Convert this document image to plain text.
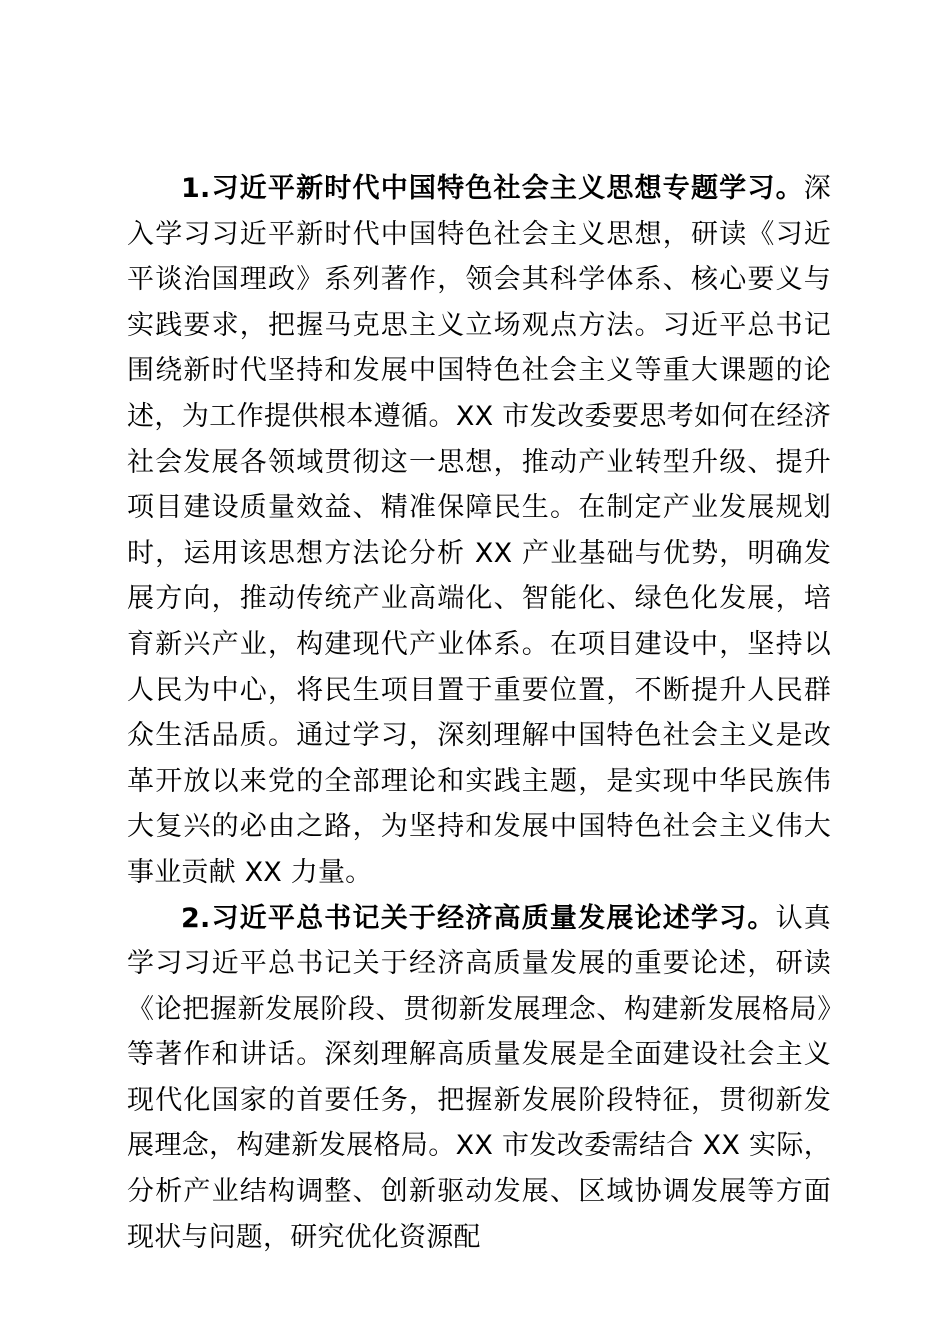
1.习近平新时代中国特色社会主义思想专题学习。深入学习习近平新时代中国特色社会主义思想，研读《习近平谈治国理政》系列著作，领会其科学体系、核心要义与实践要求，把握马克思主义立场观点方法。习近平总书记围绕新时代坚持和发展中国特色社会主义等重大课题的论述，为工作提供根本遵循。XX 市发改委要思考如何在经济社会发展各领域贯彻这一思想，推动产业转型升级、提升项目建设质量效益、精准保障民生。在制定产业发展规划时，运用该思想方法论分析 XX 产业基础与优势，明确发展方向，推动传统产业高端化、智能化、绿色化发展，培育新兴产业，构建现代产业体系。在项目建设中，坚持以人民为中心，将民生项目置于重要位置，不断提升人民群众生活品质。通过学习，深刻理解中国特色社会主义是改革开放以来党的全部理论和实践主题，是实现中华民族伟大复兴的必由之路，为坚持和发展中国特色社会主义伟大事业贡献 XX 力量。

2.习近平总书记关于经济高质量发展论述学习。认真学习习近平总书记关于经济高质量发展的重要论述，研读《论把握新发展阶段、贯彻新发展理念、构建新发展格局》等著作和讲话。深刻理解高质量发展是全面建设社会主义现代化国家的首要任务，把握新发展阶段特征，贯彻新发展理念，构建新发展格局。XX 市发改委需结合 XX 实际，分析产业结构调整、创新驱动发展、区域协调发展等方面现状与问题，研究优化资源配
